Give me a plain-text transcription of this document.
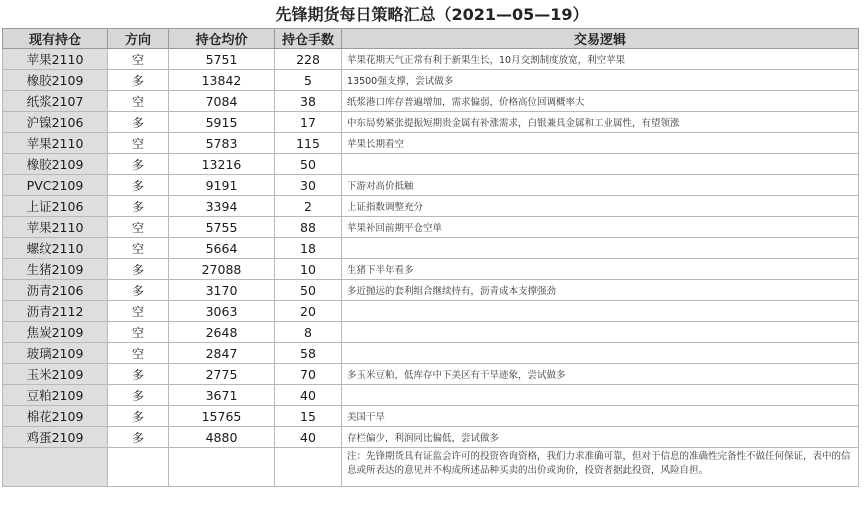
先锋期货每日策略汇总（2021—05—19）
现有持仓	方向	持仓均价	持仓手数	交易逻辑
苹果2110	空	5751	228	苹果花期天气正常有利于新果生长，10月交割制度放宽，利空苹果
橡胶2109	多	13842	5	13500强支撑，尝试做多
纸浆2107	空	7084	38	纸浆港口库存普遍增加，需求偏弱，价格高位回调概率大
沪镍2106	多	5915	17	中东局势紧张提振短期贵金属有补涨需求，白银兼具金属和工业属性，有望领涨
苹果2110	空	5783	115	苹果长期看空
橡胶2109	多	13216	50	
PVC2109	多	9191	30	下游对高价抵触
上证2106	多	3394	2	上证指数调整充分
苹果2110	空	5755	88	苹果补回前期平仓空单
螺纹2110	空	5664	18	
生猪2109	多	27088	10	生猪下半年看多
沥青2106	多	3170	50	多近抛远的套利组合继续持有，沥青成本支撑强劲
沥青2112	空	3063	20	
焦炭2109	空	2648	8	
玻璃2109	空	2847	58	
玉米2109	多	2775	70	多玉米豆粕，低库存中下美区有干旱迹象，尝试做多
豆粕2109	多	3671	40	
棉花2109	多	15765	15	美国干旱
鸡蛋2109	多	4880	40	存栏偏少，利润同比偏低，尝试做多
				注：先锋期货具有证监会许可的投资咨询资格，我们力求准确可靠，但对于信息的准确性完备性不做任何保证，表中的信息或所表达的意见并不构成所述品种买卖的出价或询价，投资者据此投资，风险自担。
